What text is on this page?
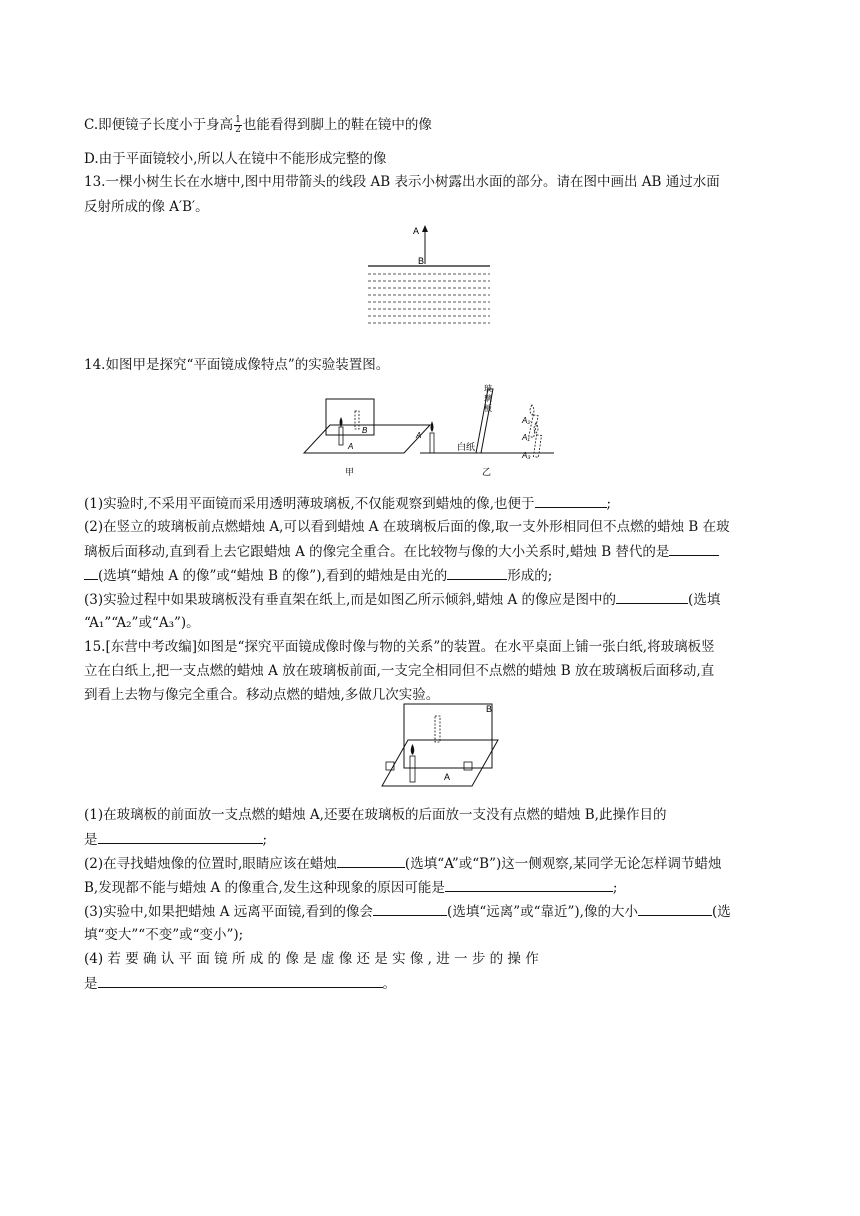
C.即便镜子长度小于身高 $\frac{1}{2}$ 也能看得到脚上的鞋在镜中的像
D.由于平面镜较小,所以人在镜中不能形成完整的像
13.一棵小树生长在水塘中,图中用带箭头的线段 AB 表示小树露出水面的部分。请在图中画出 AB 通过水面
反射所成的像 A′B′。
A
B
14.如图甲是探究“平面镜成像特点”的实验装置图。
B
A
甲
A
白纸
玻
璃
板
乙
A₂
A₁
A₃
(1)实验时,不采用平面镜而采用透明薄玻璃板,不仅能观察到蜡烛的像,也便于	;
(2)在竖立的玻璃板前点燃蜡烛 A,可以看到蜡烛 A 在玻璃板后面的像,取一支外形相同但不点燃的蜡烛 B 在玻
璃板后面移动,直到看上去它跟蜡烛 A 的像完全重合。在比较物与像的大小关系时,蜡烛 B 替代的是
(选填“蜡烛 A 的像”或“蜡烛 B 的像”),看到的蜡烛是由光的	形成的;
(3)实验过程中如果玻璃板没有垂直架在纸上,而是如图乙所示倾斜,蜡烛 A 的像应是图中的	(选填
“A₁”“A₂”或“A₃”)。
15.[东营中考改编]如图是“探究平面镜成像时像与物的关系”的装置。在水平桌面上铺一张白纸,将玻璃板竖
立在白纸上,把一支点燃的蜡烛 A 放在玻璃板前面,一支完全相同但不点燃的蜡烛 B 放在玻璃板后面移动,直
到看上去物与像完全重合。移动点燃的蜡烛,多做几次实验。
B
A
(1)在玻璃板的前面放一支点燃的蜡烛 A,还要在玻璃板的后面放一支没有点燃的蜡烛 B,此操作目的
是	;
(2)在寻找蜡烛像的位置时,眼睛应该在蜡烛	(选填“A”或“B”)这一侧观察,某同学无论怎样调节蜡烛
B,发现都不能与蜡烛 A 的像重合,发生这种现象的原因可能是	;
(3)实验中,如果把蜡烛 A 远离平面镜,看到的像会	(选填“远离”或“靠近”),像的大小	(选
填“变大”“不变”或“变小”);
(4) 若 要 确 认 平 面 镜 所 成 的 像 是 虚 像 还 是 实 像 , 进 一 步 的 操 作
是	。
